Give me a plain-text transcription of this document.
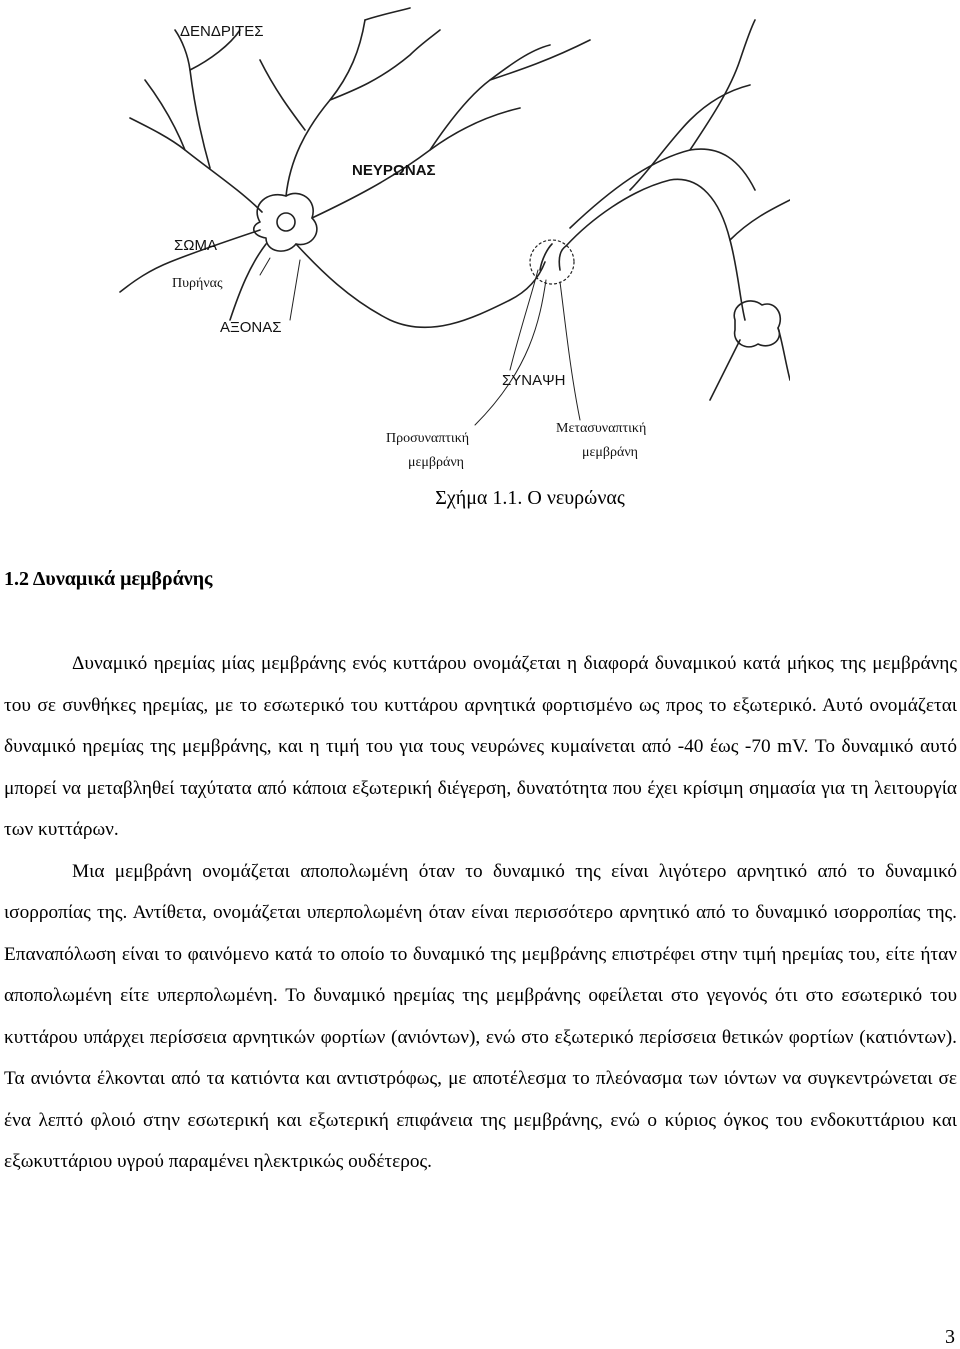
ΔΕΝΔΡΙΤΕΣ
ΝΕΥΡΩΝΑΣ
ΣΩΜΑ
Πυρήνας
ΑΞΟΝΑΣ
ΣΥΝΑΨΗ
Προσυναπτική
μεμβράνη
Μετασυναπτική
μεμβράνη
Σχήμα 1.1. Ο νευρώνας
1.2 Δυναμικά μεμβράνης

Δυναμικό ηρεμίας μίας μεμβράνης ενός κυττάρου ονομάζεται η διαφορά δυναμικού κατά μήκος της μεμβράνης του σε συνθήκες ηρεμίας, με το εσωτερικό του κυττάρου αρνητικά φορτισμένο ως προς το εξωτερικό. Αυτό ονομάζεται δυναμικό ηρεμίας της μεμβράνης, και η τιμή του για τους νευρώνες κυμαίνεται από -40 έως -70 mV. Το δυναμικό αυτό μπορεί να μεταβληθεί ταχύτατα από κάποια εξωτερική διέγερση, δυνατότητα που έχει κρίσιμη σημασία για τη λειτουργία των κυττάρων.

Μια μεμβράνη ονομάζεται αποπολωμένη όταν το δυναμικό της είναι λιγότερο αρνητικό από το δυναμικό ισορροπίας της. Αντίθετα, ονομάζεται υπερπολωμένη όταν είναι περισσότερο αρνητικό από το δυναμικό ισορροπίας της. Επαναπόλωση είναι το φαινόμενο κατά το οποίο το δυναμικό της μεμβράνης επιστρέφει στην τιμή ηρεμίας του, είτε ήταν αποπολωμένη είτε υπερπολωμένη. Το δυναμικό ηρεμίας της μεμβράνης οφείλεται στο γεγονός ότι στο εσωτερικό του κυττάρου υπάρχει περίσσεια αρνητικών φορτίων (ανιόντων), ενώ στο εξωτερικό περίσσεια θετικών φορτίων (κατιόντων). Τα ανιόντα έλκονται από τα κατιόντα και αντιστρόφως, με αποτέλεσμα το πλεόνασμα των ιόντων να συγκεντρώνεται σε ένα λεπτό φλοιό στην εσωτερική και εξωτερική επιφάνεια της μεμβράνης, ενώ ο κύριος όγκος του ενδοκυττάριου και εξωκυττάριου υγρού παραμένει ηλεκτρικώς ουδέτερος.

3
